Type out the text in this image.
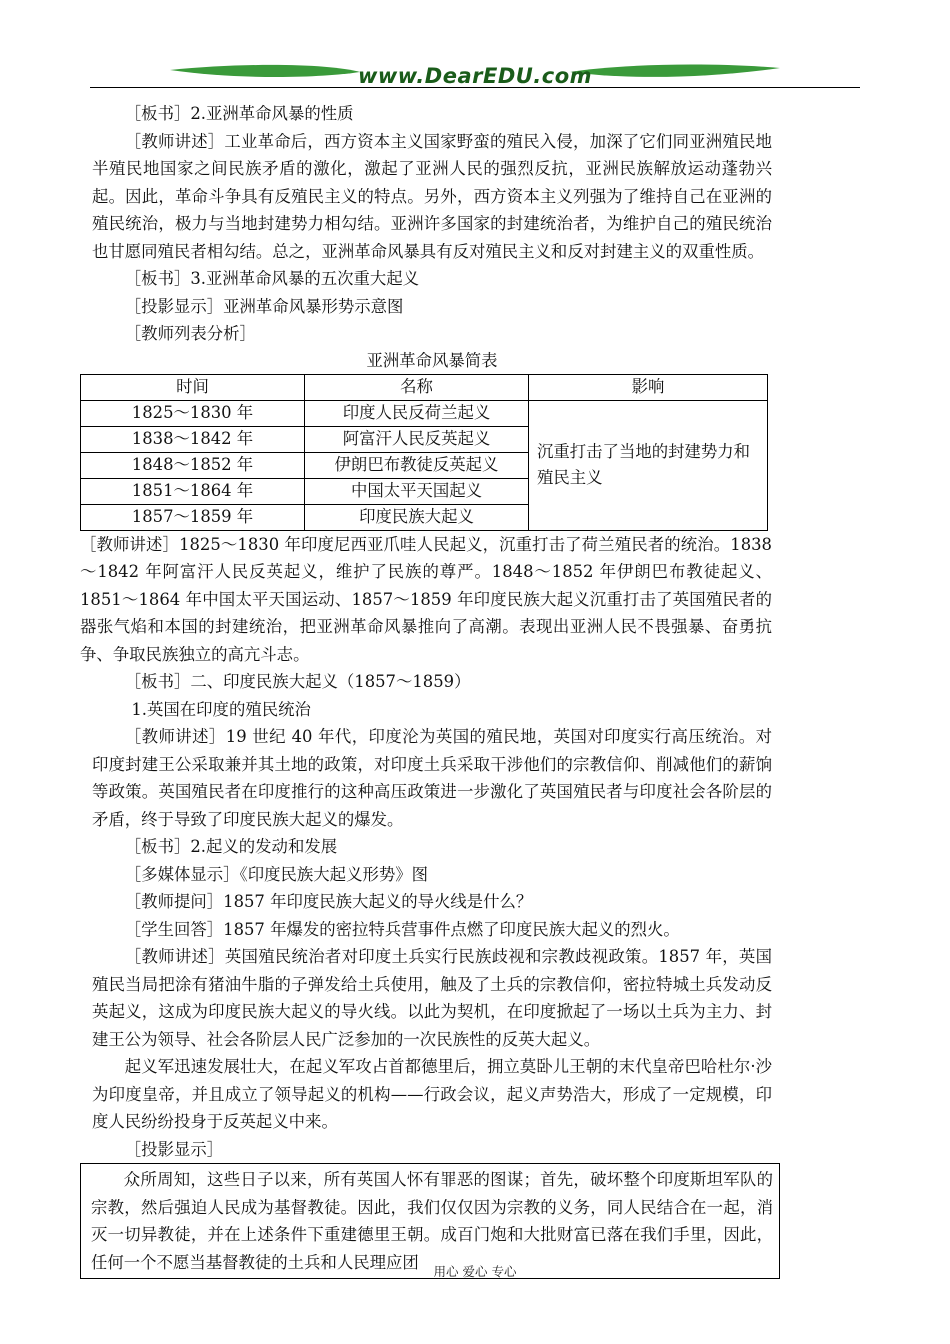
www.DearEDU.com

［板书］2.亚洲革命风暴的性质

［教师讲述］工业革命后，西方资本主义国家野蛮的殖民入侵，加深了它们同亚洲殖民地半殖民地国家之间民族矛盾的激化，激起了亚洲人民的强烈反抗，亚洲民族解放运动蓬勃兴起。因此，革命斗争具有反殖民主义的特点。另外，西方资本主义列强为了维持自己在亚洲的殖民统治，极力与当地封建势力相勾结。亚洲许多国家的封建统治者，为维护自己的殖民统治也甘愿同殖民者相勾结。总之，亚洲革命风暴具有反对殖民主义和反对封建主义的双重性质。

［板书］3.亚洲革命风暴的五次重大起义

［投影显示］亚洲革命风暴形势示意图

［教师列表分析］

亚洲革命风暴简表

时间	名称	影响
1825～1830 年	印度人民反荷兰起义	沉重打击了当地的封建势力和殖民主义
1838～1842 年	阿富汗人民反英起义	
1848～1852 年	伊朗巴布教徒反英起义	
1851～1864 年	中国太平天国起义	
1857～1859 年	印度民族大起义	

［教师讲述］1825～1830 年印度尼西亚爪哇人民起义，沉重打击了荷兰殖民者的统治。1838～1842 年阿富汗人民反英起义，维护了民族的尊严。1848～1852 年伊朗巴布教徒起义、1851～1864 年中国太平天国运动、1857～1859 年印度民族大起义沉重打击了英国殖民者的器张气焰和本国的封建统治，把亚洲革命风暴推向了高潮。表现出亚洲人民不畏强暴、奋勇抗争、争取民族独立的高亢斗志。

［板书］二、印度民族大起义（1857～1859）

1.英国在印度的殖民统治

［教师讲述］19 世纪 40 年代，印度沦为英国的殖民地，英国对印度实行高压统治。对印度封建王公采取兼并其土地的政策，对印度土兵采取干涉他们的宗教信仰、削减他们的薪饷等政策。英国殖民者在印度推行的这种高压政策进一步激化了英国殖民者与印度社会各阶层的矛盾，终于导致了印度民族大起义的爆发。

［板书］2.起义的发动和发展

［多媒体显示］《印度民族大起义形势》图

［教师提问］1857 年印度民族大起义的导火线是什么？

［学生回答］1857 年爆发的密拉特兵营事件点燃了印度民族大起义的烈火。

［教师讲述］英国殖民统治者对印度土兵实行民族歧视和宗教歧视政策。1857 年，英国殖民当局把涂有猪油牛脂的子弹发给土兵使用，触及了土兵的宗教信仰，密拉特城土兵发动反英起义，这成为印度民族大起义的导火线。以此为契机，在印度掀起了一场以土兵为主力、封建王公为领导、社会各阶层人民广泛参加的一次民族性的反英大起义。

起义军迅速发展壮大，在起义军攻占首都德里后，拥立莫卧儿王朝的末代皇帝巴哈杜尔·沙为印度皇帝，并且成立了领导起义的机构——行政会议，起义声势浩大，形成了一定规模，印度人民纷纷投身于反英起义中来。

［投影显示］

众所周知，这些日子以来，所有英国人怀有罪恶的图谋；首先，破坏整个印度斯坦军队的宗教，然后强迫人民成为基督教徒。因此，我们仅仅因为宗教的义务，同人民结合在一起，消灭一切异教徒，并在上述条件下重建德里王朝。成百门炮和大批财富已落在我们手里，因此，任何一个不愿当基督教徒的土兵和人民理应团	用心 爱心 专心
